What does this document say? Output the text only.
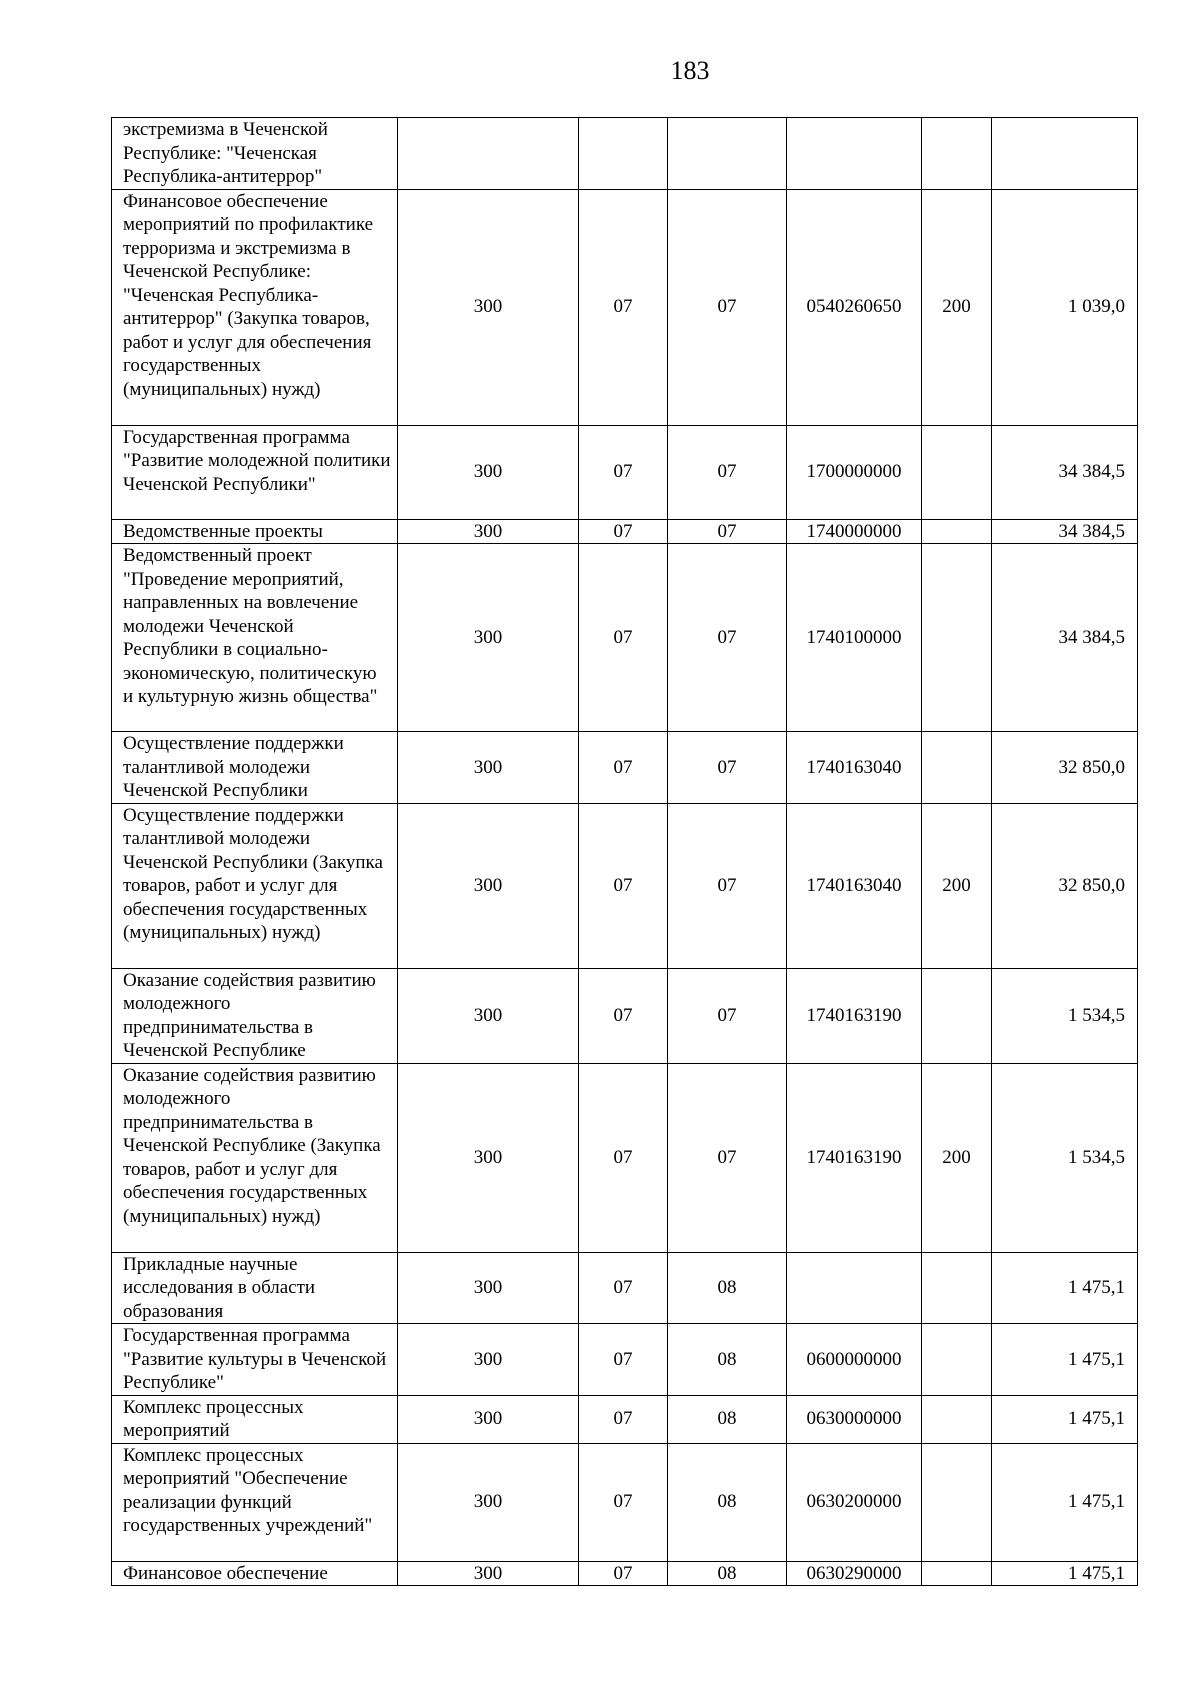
183
экстремизма в Чеченской Республике: "Чеченская Республика-антитеррор"						
Финансовое обеспечение мероприятий по профилактике терроризма и экстремизма в Чеченской Республике: "Чеченская Республика-антитеррор" (Закупка товаров, работ и услуг для обеспечения государственных (муниципальных) нужд)	300	07	07	0540260650	200	1 039,0
Государственная программа "Развитие молодежной политики Чеченской Республики"	300	07	07	1700000000		34 384,5
Ведомственные проекты	300	07	07	1740000000		34 384,5
Ведомственный проект "Проведение мероприятий, направленных на вовлечение молодежи Чеченской Республики в социально-экономическую, политическую и культурную жизнь общества"	300	07	07	1740100000		34 384,5
Осуществление поддержки талантливой молодежи Чеченской Республики	300	07	07	1740163040		32 850,0
Осуществление поддержки талантливой молодежи Чеченской Республики (Закупка товаров, работ и услуг для обеспечения государственных (муниципальных) нужд)	300	07	07	1740163040	200	32 850,0
Оказание содействия развитию молодежного предпринимательства в Чеченской Республике	300	07	07	1740163190		1 534,5
Оказание содействия развитию молодежного предпринимательства в Чеченской Республике (Закупка товаров, работ и услуг для обеспечения государственных (муниципальных) нужд)	300	07	07	1740163190	200	1 534,5
Прикладные научные исследования в области образования	300	07	08			1 475,1
Государственная программа "Развитие культуры в Чеченской Республике"	300	07	08	0600000000		1 475,1
Комплекс процессных мероприятий	300	07	08	0630000000		1 475,1
Комплекс процессных мероприятий "Обеспечение реализации функций государственных учреждений"	300	07	08	0630200000		1 475,1
Финансовое обеспечение	300	07	08	0630290000		1 475,1
